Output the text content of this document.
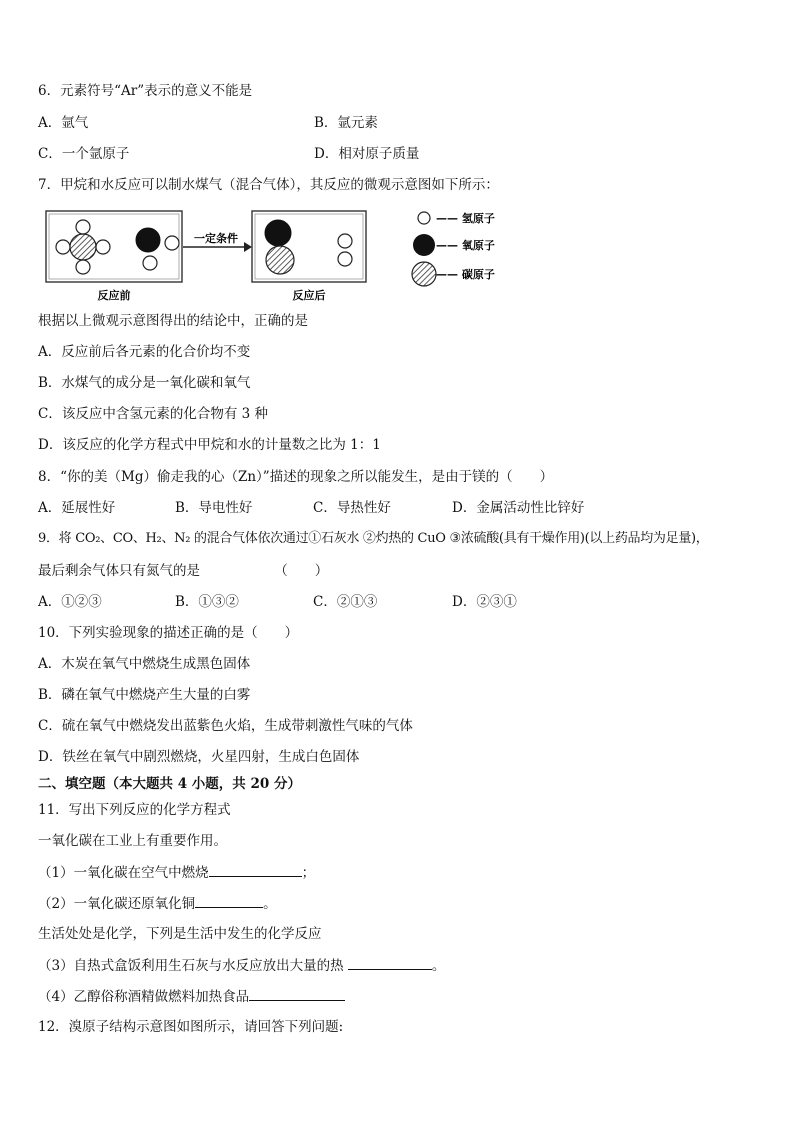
6．元素符号“Ar”表示的意义不能是
A．氩气	B．氩元素
C．一个氩原子	D．相对原子质量
7．甲烷和水反应可以制水煤气（混合气体），其反应的微观示意图如下所示：
一定条件
反应前	反应后
—— 氢原子
—— 氧原子
—— 碳原子
根据以上微观示意图得出的结论中，正确的是
A．反应前后各元素的化合价均不变
B．水煤气的成分是一氧化碳和氧气
C．该反应中含氢元素的化合物有 3 种
D．该反应的化学方程式中甲烷和水的计量数之比为 1：1
8．“你的美（Mg）偷走我的心（Zn）”描述的现象之所以能发生，是由于镁的（　　）
A．延展性好	B．导电性好	C．导热性好	D．金属活动性比锌好
9．将 CO₂、CO、H₂、N₂ 的混合气体依次通过①石灰水 ②灼热的 CuO ③浓硫酸(具有干燥作用)(以上药品均为足量)，
最后剩余气体只有氮气的是　　　　　　（　　）
A．①②③	B．①③②	C．②①③	D．②③①
10．下列实验现象的描述正确的是（　　）
A．木炭在氧气中燃烧生成黑色固体
B．磷在氧气中燃烧产生大量的白雾
C．硫在氧气中燃烧发出蓝紫色火焰，生成带刺激性气味的气体
D．铁丝在氧气中剧烈燃烧，火星四射，生成白色固体
二、填空题（本大题共 4 小题，共 20 分）
11．写出下列反应的化学方程式
一氧化碳在工业上有重要作用。
（1）一氧化碳在空气中燃烧	；
（2）一氧化碳还原氧化铜	。
生活处处是化学，下列是生活中发生的化学反应
（3）自热式盒饭利用生石灰与水反应放出大量的热	。
（4）乙醇俗称酒精做燃料加热食品
12．溴原子结构示意图如图所示，请回答下列问题:
